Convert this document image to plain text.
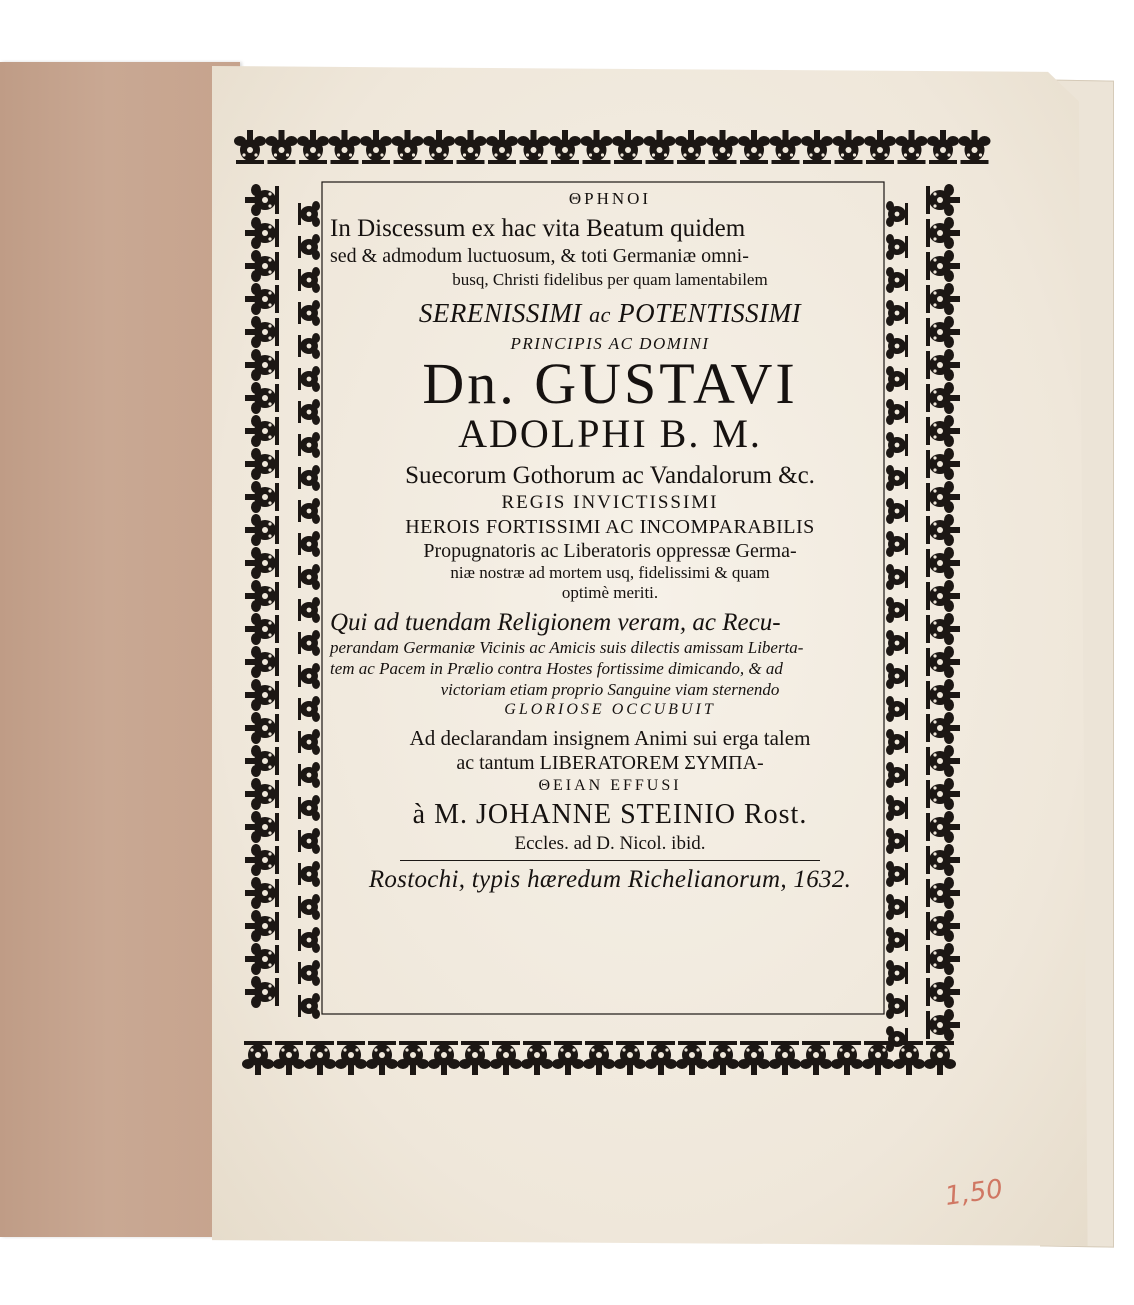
ΘΡΗΝΟΙ
In Discessum ex hac vita Beatum quidem
sed & admodum luctuosum, & toti Germaniæ omni-
busq, Christi fidelibus per quam lamentabilem
SERENISSIMI ac POTENTISSIMI
PRINCIPIS AC DOMINI
Dn. GUSTAVI
ADOLPHI B. M.
Suecorum Gothorum ac Vandalorum &c.
REGIS INVICTISSIMI
HEROIS FORTISSIMI AC INCOMPARABILIS
Propugnatoris ac Liberatoris oppressæ Germa-
niæ nostræ ad mortem usq, fidelissimi & quam
optimè meriti.
Qui ad tuendam Religionem veram, ac Recu-
perandam Germaniæ Vicinis ac Amicis suis dilectis amissam Liberta-
tem ac Pacem in Prælio contra Hostes fortissime dimicando, & ad
victoriam etiam proprio Sanguine viam sternendo
GLORIOSE OCCUBUIT
Ad declarandam insignem Animi sui erga talem
ac tantum LIBERATOREM ΣΥΜΠΑ-
ΘΕΙΑΝ EFFUSI
à M. JOHANNE STEINIO Rost.
Eccles. ad D. Nicol. ibid.
Rostochi, typis hæredum Richelianorum, 1632.
1,50
